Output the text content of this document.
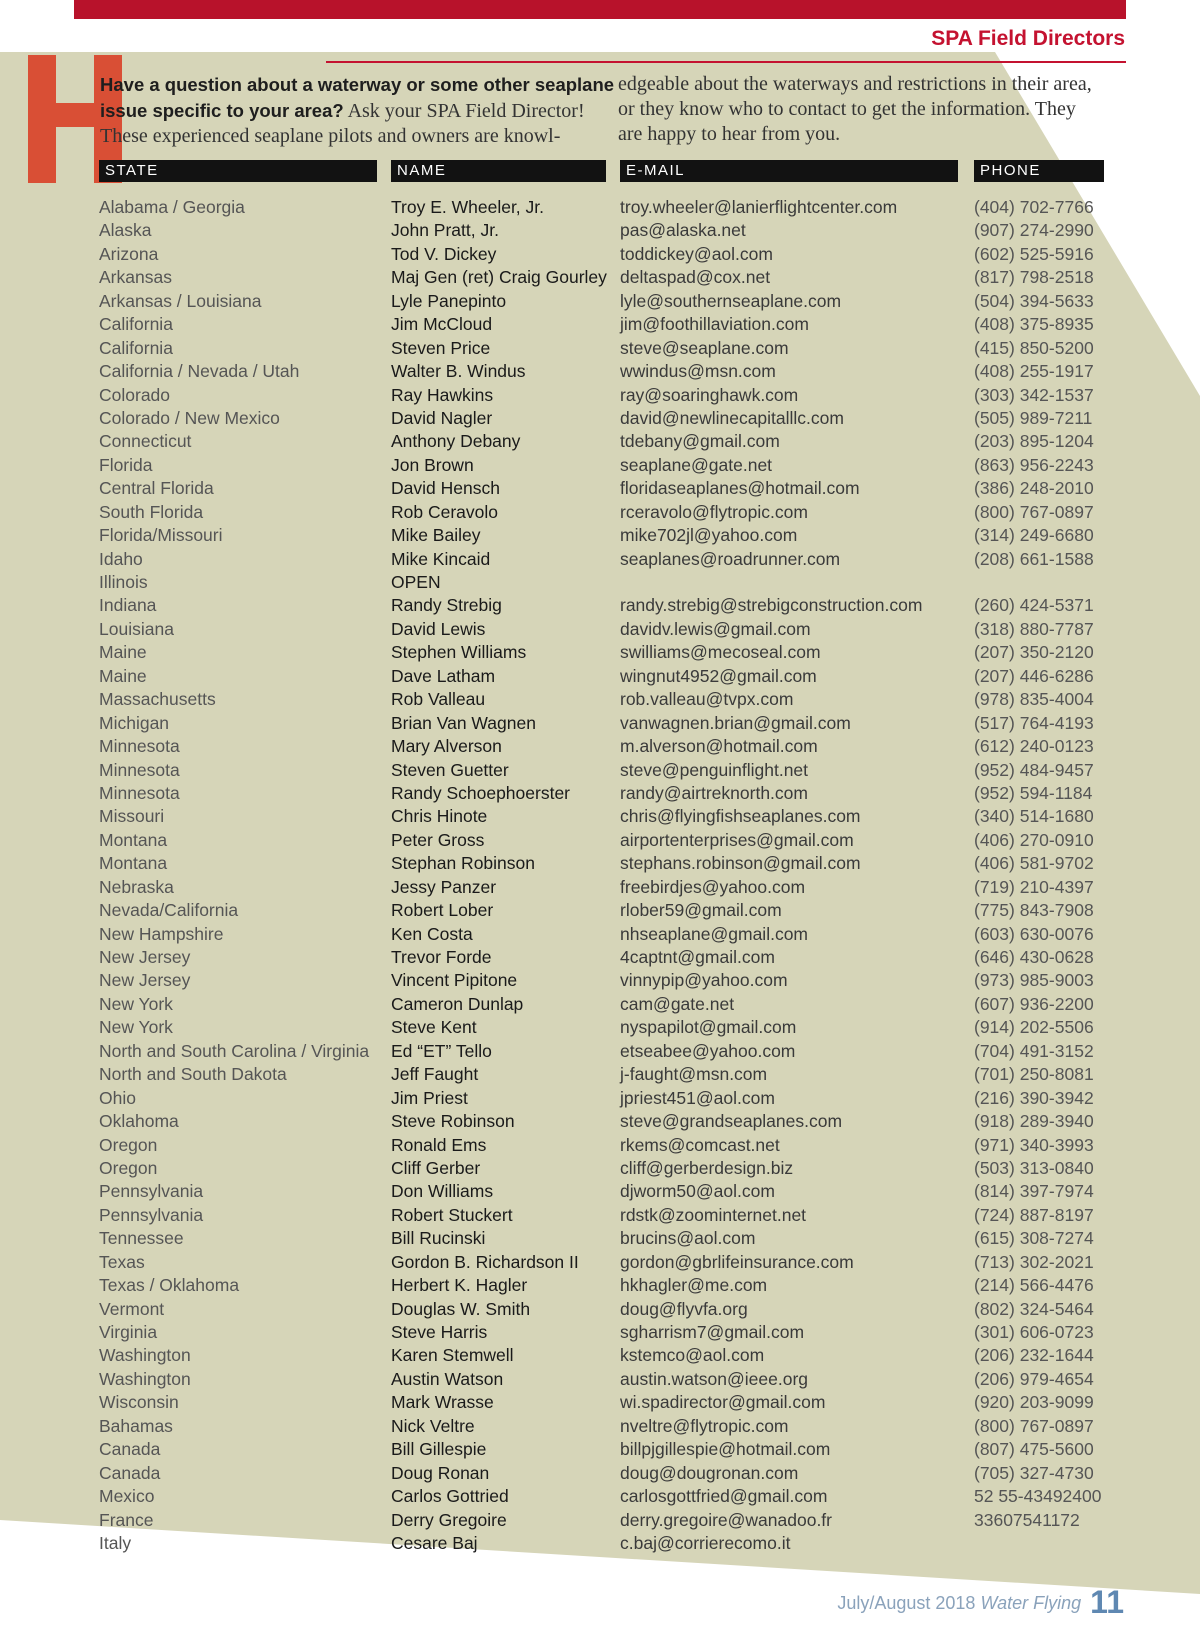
SPA Field Directors
Have a question about a waterway or some other seaplane
issue specific to your area? Ask your SPA Field Director!
These experienced seaplane pilots and owners are knowl-
edgeable about the waterways and restrictions in their area,
or they know who to contact to get the information. They
are happy to hear from you.
STATE	NAME	E-MAIL	PHONE
Alabama / Georgia	Troy E. Wheeler, Jr.	troy.wheeler@lanierflightcenter.com	(404) 702-7766
Alaska	John Pratt, Jr.	pas@alaska.net	(907) 274-2990
Arizona	Tod V. Dickey	toddickey@aol.com	(602) 525-5916
Arkansas	Maj Gen (ret) Craig Gourley deltaspad@cox.net	(817) 798-2518
Arkansas / Louisiana	Lyle Panepinto	lyle@southernseaplane.com	(504) 394-5633
California	Jim McCloud	jim@foothillaviation.com	(408) 375-8935
California	Steven Price	steve@seaplane.com	(415) 850-5200
California / Nevada / Utah	Walter B. Windus	wwindus@msn.com	(408) 255-1917
Colorado	Ray Hawkins	ray@soaringhawk.com	(303) 342-1537
Colorado / New Mexico	David Nagler	david@newlinecapitalllc.com	(505) 989-7211
Connecticut	Anthony Debany	tdebany@gmail.com	(203) 895-1204
Florida	Jon Brown	seaplane@gate.net	(863) 956-2243
Central Florida	David Hensch	floridaseaplanes@hotmail.com	(386) 248-2010
South Florida	Rob Ceravolo	rceravolo@flytropic.com	(800) 767-0897
Florida/Missouri	Mike Bailey	mike702jl@yahoo.com	(314) 249-6680
Idaho	Mike Kincaid	seaplanes@roadrunner.com	(208) 661-1588
Illinois	OPEN
Indiana	Randy Strebig	randy.strebig@strebigconstruction.com	(260) 424-5371
Louisiana	David Lewis	davidv.lewis@gmail.com	(318) 880-7787
Maine	Stephen Williams	swilliams@mecoseal.com	(207) 350-2120
Maine	Dave Latham	wingnut4952@gmail.com	(207) 446-6286
Massachusetts	Rob Valleau	rob.valleau@tvpx.com	(978) 835-4004
Michigan	Brian Van Wagnen	vanwagnen.brian@gmail.com	(517) 764-4193
Minnesota	Mary Alverson	m.alverson@hotmail.com	(612) 240-0123
Minnesota	Steven Guetter	steve@penguinflight.net	(952) 484-9457
Minnesota	Randy Schoephoerster	randy@airtreknorth.com	(952) 594-1184
Missouri	Chris Hinote	chris@flyingfishseaplanes.com	(340) 514-1680
Montana	Peter Gross	airportenterprises@gmail.com	(406) 270-0910
Montana	Stephan Robinson	stephans.robinson@gmail.com	(406) 581-9702
Nebraska	Jessy Panzer	freebirdjes@yahoo.com	(719) 210-4397
Nevada/California	Robert Lober	rlober59@gmail.com	(775) 843-7908
New Hampshire	Ken Costa	nhseaplane@gmail.com	(603) 630-0076
New Jersey	Trevor Forde	4captnt@gmail.com	(646) 430-0628
New Jersey	Vincent Pipitone	vinnypip@yahoo.com	(973) 985-9003
New York	Cameron Dunlap	cam@gate.net	(607) 936-2200
New York	Steve Kent	nyspapilot@gmail.com	(914) 202-5506
North and South Carolina / Virginia Ed “ET” Tello	etseabee@yahoo.com	(704) 491-3152
North and South Dakota	Jeff Faught	j-faught@msn.com	(701) 250-8081
Ohio	Jim Priest	jpriest451@aol.com	(216) 390-3942
Oklahoma	Steve Robinson	steve@grandseaplanes.com	(918) 289-3940
Oregon	Ronald Ems	rkems@comcast.net	(971) 340-3993
Oregon	Cliff Gerber	cliff@gerberdesign.biz	(503) 313-0840
Pennsylvania	Don Williams	djworm50@aol.com	(814) 397-7974
Pennsylvania	Robert Stuckert	rdstk@zoominternet.net	(724) 887-8197
Tennessee	Bill Rucinski	brucins@aol.com	(615) 308-7274
Texas	Gordon B. Richardson II gordon@gbrlifeinsurance.com	(713) 302-2021
Texas / Oklahoma	Herbert K. Hagler	hkhagler@me.com	(214) 566-4476
Vermont	Douglas W. Smith	doug@flyvfa.org	(802) 324-5464
Virginia	Steve Harris	sgharrism7@gmail.com	(301) 606-0723
Washington	Karen Stemwell	kstemco@aol.com	(206) 232-1644
Washington	Austin Watson	austin.watson@ieee.org	(206) 979-4654
Wisconsin	Mark Wrasse	wi.spadirector@gmail.com	(920) 203-9099
Bahamas	Nick Veltre	nveltre@flytropic.com	(800) 767-0897
Canada	Bill Gillespie	billpjgillespie@hotmail.com	(807) 475-5600
Canada	Doug Ronan	doug@dougronan.com	(705) 327-4730
Mexico	Carlos Gottried	carlosgottfried@gmail.com	52 55-43492400
France	Derry Gregoire	derry.gregoire@wanadoo.fr	33607541172
Italy	Cesare Baj	c.baj@corrierecomo.it
July/August 2018 Water Flying 11
